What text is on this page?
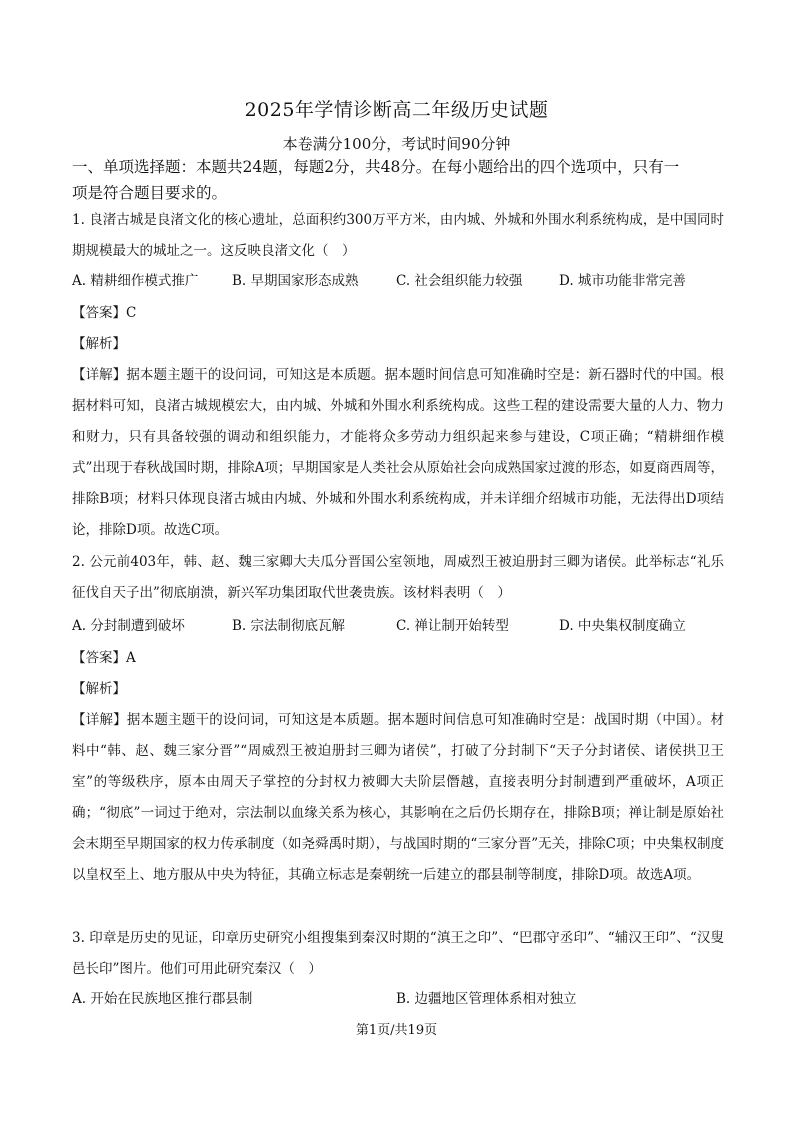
2025年学情诊断高二年级历史试题
本卷满分100分，考试时间90分钟
一、单项选择题：本题共24题，每题2分，共48分。在每小题给出的四个选项中，只有一
项是符合题目要求的。
1. 良渚古城是良渚文化的核心遗址，总面积约300万平方米，由内城、外城和外围水利系统构成，是中国同时期规模最大的城址之一。这反映良渚文化（　）
A. 精耕细作模式推广 B. 早期国家形态成熟	C. 社会组织能力较强	D. 城市功能非常完善
【答案】C
【解析】
【详解】据本题主题干的设问词，可知这是本质题。据本题时间信息可知准确时空是：新石器时代的中国。根据材料可知，良渚古城规模宏大，由内城、外城和外围水利系统构成。这些工程的建设需要大量的人力、物力和财力，只有具备较强的调动和组织能力，才能将众多劳动力组织起来参与建设，C项正确；“精耕细作模式”出现于春秋战国时期，排除A项；早期国家是人类社会从原始社会向成熟国家过渡的形态，如夏商西周等，排除B项；材料只体现良渚古城由内城、外城和外围水利系统构成，并未详细介绍城市功能，无法得出D项结论，排除D项。故选C项。
2. 公元前403年，韩、赵、魏三家卿大夫瓜分晋国公室领地，周威烈王被迫册封三卿为诸侯。此举标志“礼乐征伐自天子出”彻底崩溃，新兴军功集团取代世袭贵族。该材料表明（　）
A. 分封制遭到破坏	B. 宗法制彻底瓦解	C. 禅让制开始转型	D. 中央集权制度确立
【答案】A
【解析】
【详解】据本题主题干的设问词，可知这是本质题。据本题时间信息可知准确时空是：战国时期（中国）。材料中“韩、赵、魏三家分晋”“周威烈王被迫册封三卿为诸侯”，打破了分封制下“天子分封诸侯、诸侯拱卫王室”的等级秩序，原本由周天子掌控的分封权力被卿大夫阶层僭越，直接表明分封制遭到严重破坏，A项正确；“彻底”一词过于绝对，宗法制以血缘关系为核心，其影响在之后仍长期存在，排除B项；禅让制是原始社会末期至早期国家的权力传承制度（如尧舜禹时期），与战国时期的“三家分晋”无关，排除C项；中央集权制度以皇权至上、地方服从中央为特征，其确立标志是秦朝统一后建立的郡县制等制度，排除D项。故选A项。
3. 印章是历史的见证，印章历史研究小组搜集到秦汉时期的“滇王之印”、“巴郡守丞印”、“辅汉王印”、“汉叟邑长印”图片。他们可用此研究秦汉（　）
A. 开始在民族地区推行郡县制	B. 边疆地区管理体系相对独立
第1页/共19页
